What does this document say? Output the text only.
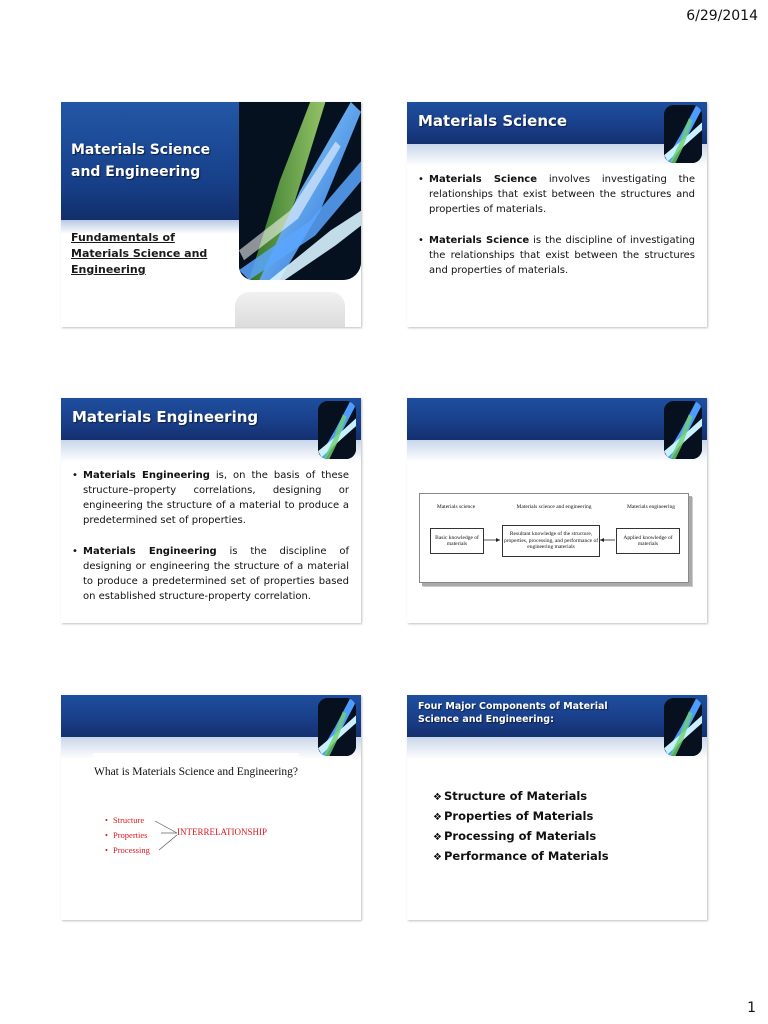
6/29/2014
Materials Science and Engineering
Fundamentals of Materials Science and Engineering
Materials Science
• Materials Science involves investigating the relationships that exist between the structures and properties of materials.
• Materials Science is the discipline of investigating the relationships that exist between the structures and properties of materials.
Materials Engineering
• Materials Engineering is, on the basis of these structure–property correlations, designing or engineering the structure of a material to produce a predetermined set of properties.
• Materials Engineering is the discipline of designing or engineering the structure of a material to produce a predetermined set of properties based on established structure-property correlation.
Materials science	Materials science and engineering	Materials engineering
Basic knowledge of materials
Resultant knowledge of the structure, properties, processing, and performance of engineering materials
Applied knowledge of materials
What is Materials Science and Engineering?
• Structure
• Properties
• Processing
INTERRELATIONSHIP
Four Major Components of Material Science and Engineering:
❖ Structure of Materials
❖ Properties of Materials
❖ Processing of Materials
❖ Performance of Materials
1
